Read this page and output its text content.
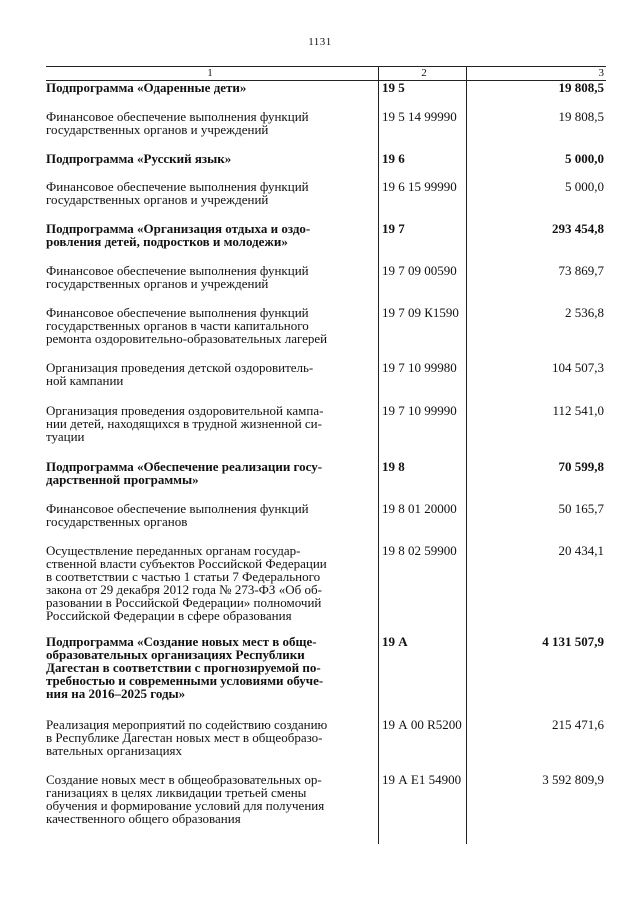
1131
1	2	3
Подпрограмма «Одаренные дети»	19 5	19 808,5
Финансовое обеспечение выполнения функций
государственных органов и учреждений
19 5 14 99990	19 808,5
Подпрограмма «Русский язык»	19 6	5 000,0
Финансовое обеспечение выполнения функций
государственных органов и учреждений
19 6 15 99990	5 000,0
Подпрограмма «Организация отдыха и оздо-
ровления детей, подростков и молодежи»
19 7	293 454,8
Финансовое обеспечение выполнения функций
государственных органов и учреждений
19 7 09 00590	73 869,7
Финансовое обеспечение выполнения функций
государственных органов в части капитального
ремонта оздоровительно-образовательных лагерей
19 7 09 К1590	2 536,8
Организация проведения детской оздоровитель-
ной кампании
19 7 10 99980	104 507,3
Организация проведения оздоровительной кампа-
нии детей, находящихся в трудной жизненной си-
туации
19 7 10 99990	112 541,0
Подпрограмма «Обеспечение реализации госу-
дарственной программы»
19 8	70 599,8
Финансовое обеспечение выполнения функций
государственных органов
19 8 01 20000	50 165,7
Осуществление переданных органам государ-
ственной власти субъектов Российской Федерации
в соответствии с частью 1 статьи 7 Федерального
закона от 29 декабря 2012 года № 273-ФЗ «Об об-
разовании в Российской Федерации» полномочий
Российской Федерации в сфере образования
19 8 02 59900	20 434,1
Подпрограмма «Создание новых мест в обще-
образовательных организациях Республики
Дагестан в соответствии с прогнозируемой по-
требностью и современными условиями обуче-
ния на 2016–2025 годы»
19 А	4 131 507,9
Реализация мероприятий по содействию созданию
в Республике Дагестан новых мест в общеобразо-
вательных организациях
19 А 00 R5200	215 471,6
Создание новых мест в общеобразовательных ор-
ганизациях в целях ликвидации третьей смены
обучения и формирование условий для получения
качественного общего образования
19 А Е1 54900	3 592 809,9
